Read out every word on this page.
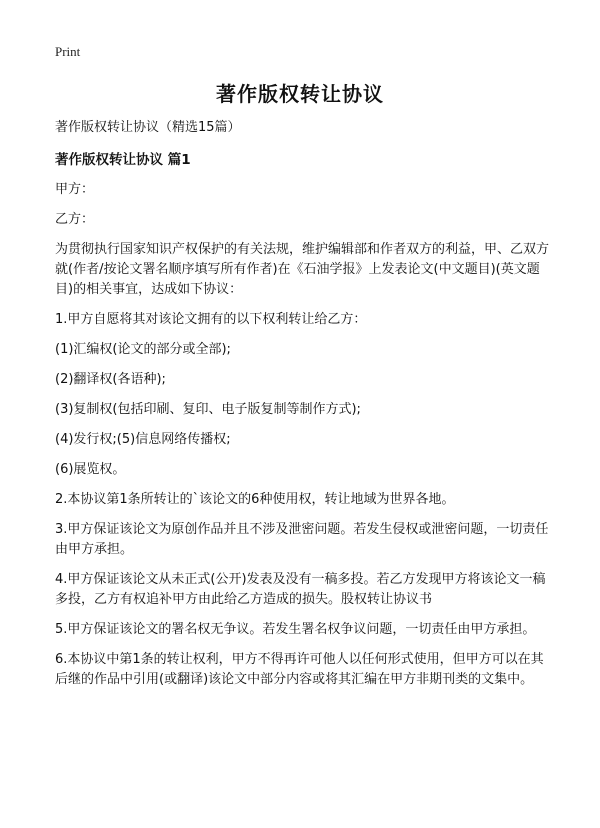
Print
著作版权转让协议

著作版权转让协议（精选15篇）

著作版权转让协议 篇1

甲方：

乙方：

为贯彻执行国家知识产权保护的有关法规，维护编辑部和作者双方的利益，甲、乙双方就(作者/按论文署名顺序填写所有作者)在《石油学报》上发表论文(中文题目)(英文题目)的相关事宜，达成如下协议：

1.甲方自愿将其对该论文拥有的以下权利转让给乙方：

(1)汇编权(论文的部分或全部);

(2)翻译权(各语种);

(3)复制权(包括印刷、复印、电子版复制等制作方式);

(4)发行权;(5)信息网络传播权;

(6)展览权。

2.本协议第1条所转让的`该论文的6种使用权，转让地域为世界各地。

3.甲方保证该论文为原创作品并且不涉及泄密问题。若发生侵权或泄密问题，一切责任由甲方承担。

4.甲方保证该论文从未正式(公开)发表及没有一稿多投。若乙方发现甲方将该论文一稿多投，乙方有权追补甲方由此给乙方造成的损失。股权转让协议书

5.甲方保证该论文的署名权无争议。若发生署名权争议问题，一切责任由甲方承担。

6.本协议中第1条的转让权利，甲方不得再许可他人以任何形式使用，但甲方可以在其后继的作品中引用(或翻译)该论文中部分内容或将其汇编在甲方非期刊类的文集中。
